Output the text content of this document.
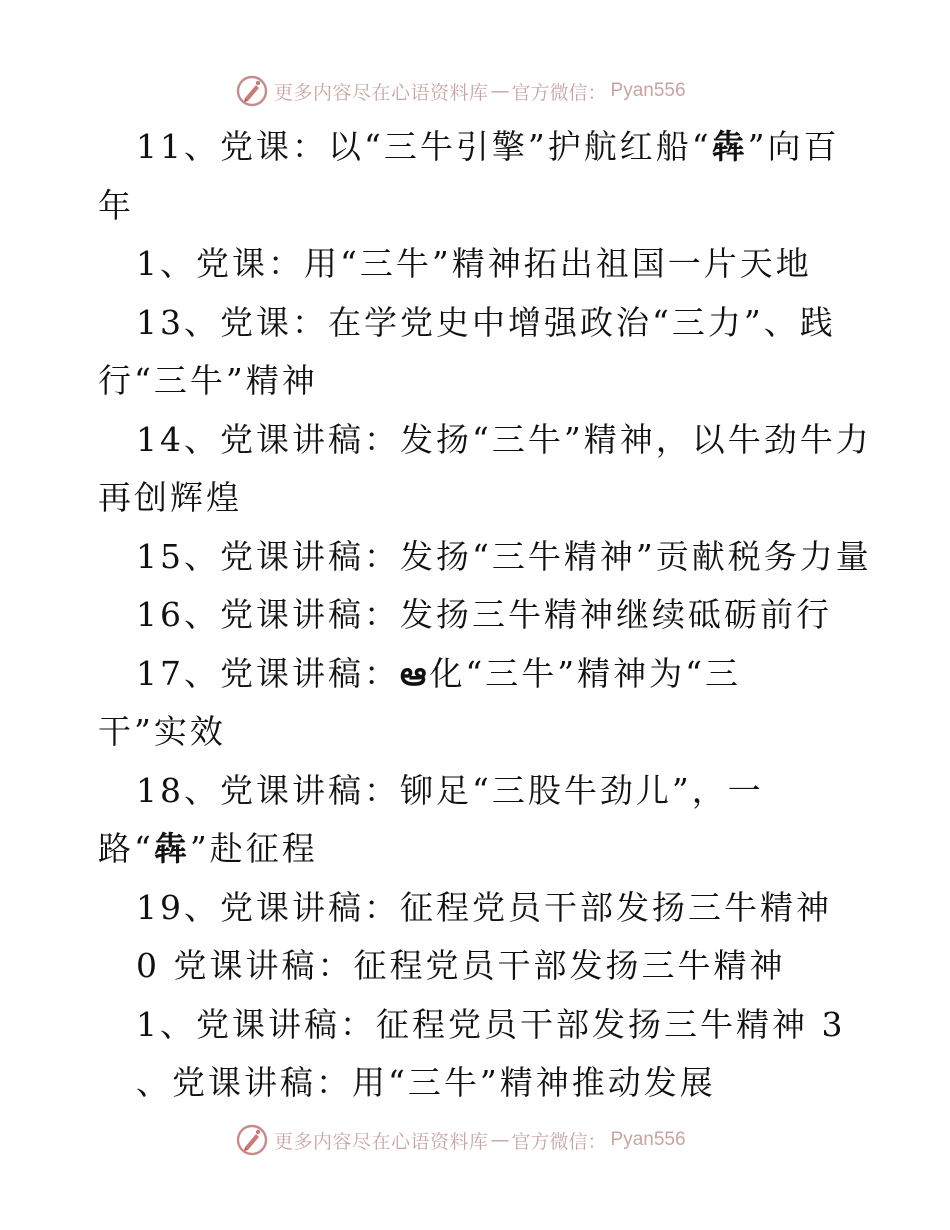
更多内容尽在心语资料库 — 官方微信： Pyan556
11、党课：以“三牛引擎”护航红船“犇”向百
年
1、党课：用“三牛”精神拓出祖国一片天地
13、党课：在学党史中增强政治“三力”、践
行“三牛”精神
14、党课讲稿：发扬“三牛”精神，以牛劲牛力
再创辉煌
15、党课讲稿：发扬“三牛精神”贡献税务力量
16、党课讲稿：发扬三牛精神继续砥砺前行
17、党课讲稿：ఆ化“三牛”精神为“三
干”实效
18、党课讲稿：铆足“三股牛劲儿”，一
路“犇”赴征程
19、党课讲稿：征程党员干部发扬三牛精神
0 党课讲稿：征程党员干部发扬三牛精神
1、党课讲稿：征程党员干部发扬三牛精神 3
、党课讲稿：用“三牛”精神推动发展
更多内容尽在心语资料库 — 官方微信： Pyan556
